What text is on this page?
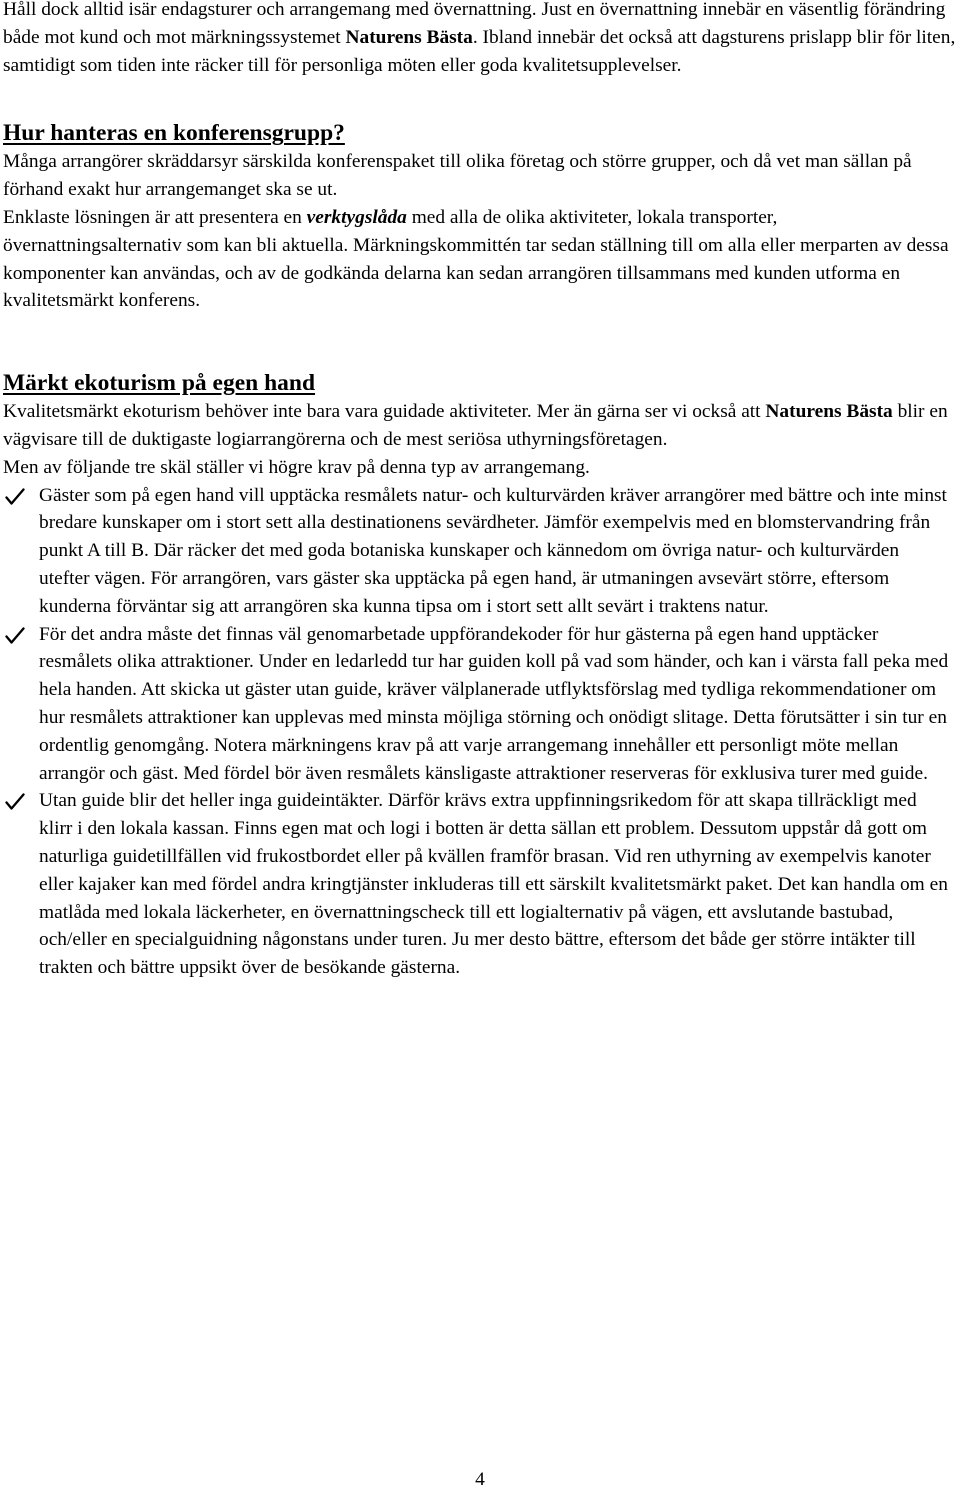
Håll dock alltid isär endagsturer och arrangemang med övernattning. Just en övernattning innebär en väsentlig förändring både mot kund och mot märkningssystemet Naturens Bästa. Ibland innebär det också att dagsturens prislapp blir för liten, samtidigt som tiden inte räcker till för personliga möten eller goda kvalitetsupplevelser.

Hur hanteras en konferensgrupp?

Många arrangörer skräddarsyr särskilda konferenspaket till olika företag och större grupper, och då vet man sällan på förhand exakt hur arrangemanget ska se ut.

Enklaste lösningen är att presentera en verktygslåda med alla de olika aktiviteter, lokala transporter, övernattningsalternativ som kan bli aktuella. Märkningskommittén tar sedan ställning till om alla eller merparten av dessa komponenter kan användas, och av de godkända delarna kan sedan arrangören tillsammans med kunden utforma en kvalitetsmärkt konferens.

Märkt ekoturism på egen hand

Kvalitetsmärkt ekoturism behöver inte bara vara guidade aktiviteter. Mer än gärna ser vi också att Naturens Bästa blir en vägvisare till de duktigaste logiarrangörerna och de mest seriösa uthyrningsföretagen.

Men av följande tre skäl ställer vi högre krav på denna typ av arrangemang.

Gäster som på egen hand vill upptäcka resmålets natur- och kulturvärden kräver arrangörer med bättre och inte minst bredare kunskaper om i stort sett alla destinationens sevärdheter. Jämför exempelvis med en blomstervandring från punkt A till B. Där räcker det med goda botaniska kunskaper och kännedom om övriga natur- och kulturvärden utefter vägen. För arrangören, vars gäster ska upptäcka på egen hand, är utmaningen avsevärt större, eftersom kunderna förväntar sig att arrangören ska kunna tipsa om i stort sett allt sevärt i traktens natur.
För det andra måste det finnas väl genomarbetade uppförandekoder för hur gästerna på egen hand upptäcker resmålets olika attraktioner. Under en ledarledd tur har guiden koll på vad som händer, och kan i värsta fall peka med hela handen. Att skicka ut gäster utan guide, kräver välplanerade utflyktsförslag med tydliga rekommendationer om hur resmålets attraktioner kan upplevas med minsta möjliga störning och onödigt slitage. Detta förutsätter i sin tur en ordentlig genomgång. Notera märkningens krav på att varje arrangemang innehåller ett personligt möte mellan arrangör och gäst. Med fördel bör även resmålets känsligaste attraktioner reserveras för exklusiva turer med guide.
Utan guide blir det heller inga guideintäkter. Därför krävs extra uppfinningsrikedom för att skapa tillräckligt med klirr i den lokala kassan. Finns egen mat och logi i botten är detta sällan ett problem. Dessutom uppstår då gott om naturliga guidetillfällen vid frukostbordet eller på kvällen framför brasan. Vid ren uthyrning av exempelvis kanoter eller kajaker kan med fördel andra kringtjänster inkluderas till ett särskilt kvalitetsmärkt paket. Det kan handla om en matlåda med lokala läckerheter, en övernattningscheck till ett logialternativ på vägen, ett avslutande bastubad, och/eller en specialguidning någonstans under turen. Ju mer desto bättre, eftersom det både ger större intäkter till trakten och bättre uppsikt över de besökande gästerna.
4
